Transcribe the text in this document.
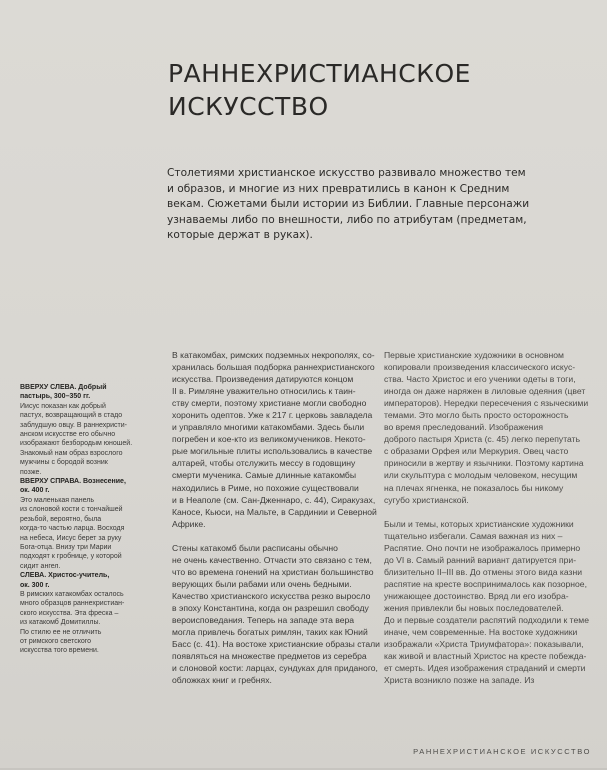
РАННЕХРИСТИАНСКОЕ
ИСКУССТВО
Столетиями христианское искусство развивало множество тем
и образов, и многие из них превратились в канон к Средним
векам. Сюжетами были истории из Библии. Главные персонажи
узнаваемы либо по внешности, либо по атрибутам (предметам,
которые держат в руках).
ВВЕРХУ СЛЕВА. Добрый
пастырь, 300–350 гг.
Иисус показан как добрый
пастух, возвращающий в стадо
заблудшую овцу. В раннехристи-
анском искусстве его обычно
изображают безбородым юношей.
Знакомый нам образ взрослого
мужчины с бородой возник
позже.
ВВЕРХУ СПРАВА. Вознесение,
ок. 400 г.
Это маленькая панель
из слоновой кости с тончайшей
резьбой, вероятно, была
когда-то частью ларца. Восходя
на небеса, Иисус берет за руку
Бога-отца. Внизу три Марии
подходят к гробнице, у которой
сидит ангел.
СЛЕВА. Христос-учитель,
ок. 300 г.
В римских катакомбах осталось
много образцов раннехристиан-
ского искусства. Эта фреска –
из катакомб Домитиллы.
По стилю ее не отличить
от римского светского
искусства того времени.
В катакомбах, римских подземных некрополях, со-
хранилась большая подборка раннехристианского
искусства. Произведения датируются концом
II в. Римляне уважительно относились к таин-
ству смерти, поэтому христиане могли свободно
хоронить одептов. Уже к 217 г. церковь завладела
и управляло многими катакомбами. Здесь были
погребен и кое-кто из великомучеников. Некото-
рые могильные плиты использовались в качестве
алтарей, чтобы отслужить мессу в годовщину
смерти мученика. Самые длинные катакомбы
находились в Риме, но похожие существовали
и в Неаполе (см. Сан-Дженнаро, с. 44), Сиракузах,
Каносе, Кьюси, на Мальте, в Сардинии и Северной
Африке.
Стены катакомб были расписаны обычно
не очень качественно. Отчасти это связано с тем,
что во времена гонений на христиан большинство
верующих были рабами или очень бедными.
Качество христианского искусства резко выросло
в эпоху Константина, когда он разрешил свободу
вероисповедания. Теперь на западе эта вера
могла привлечь богатых римлян, таких как Юний
Басс (с. 41). На востоке христианские образы стали
появляться на множестве предметов из серебра
и слоновой кости: ларцах, сундуках для приданого,
обложках книг и гребнях.
Первые христианские художники в основном
копировали произведения классического искус-
ства. Часто Христос и его ученики одеты в тоги,
иногда он даже наряжен в лиловые одеяния (цвет
императоров). Нередки пересечения с языческими
темами. Это могло быть просто осторожность
во время преследований. Изображения
доброго пастыря Христа (с. 45) легко перепутать
с образами Орфея или Меркурия. Овец часто
приносили в жертву и язычники. Поэтому картина
или скульптура с молодым человеком, несущим
на плечах ягненка, не показалось бы никому
сугубо христианской.
Были и темы, которых христианские художники
тщательно избегали. Самая важная из них –
Распятие. Оно почти не изображалось примерно
до VI в. Самый ранний вариант датируется при-
близительно II–III вв. До отмены этого вида казни
распятие на кресте воспринималось как позорное,
унижающее достоинство. Вряд ли его изобра-
жения привлекли бы новых последователей.
До и первые создатели распятий подходили к теме
иначе, чем современные. На востоке художники
изображали «Христа Триумфатора»: показывали,
как живой и властный Христос на кресте побежда-
ет смерть. Идея изображения страданий и смерти
Христа возникло позже на западе. Из
РАННЕХРИСТИАНСКОЕ ИСКУССТВО
